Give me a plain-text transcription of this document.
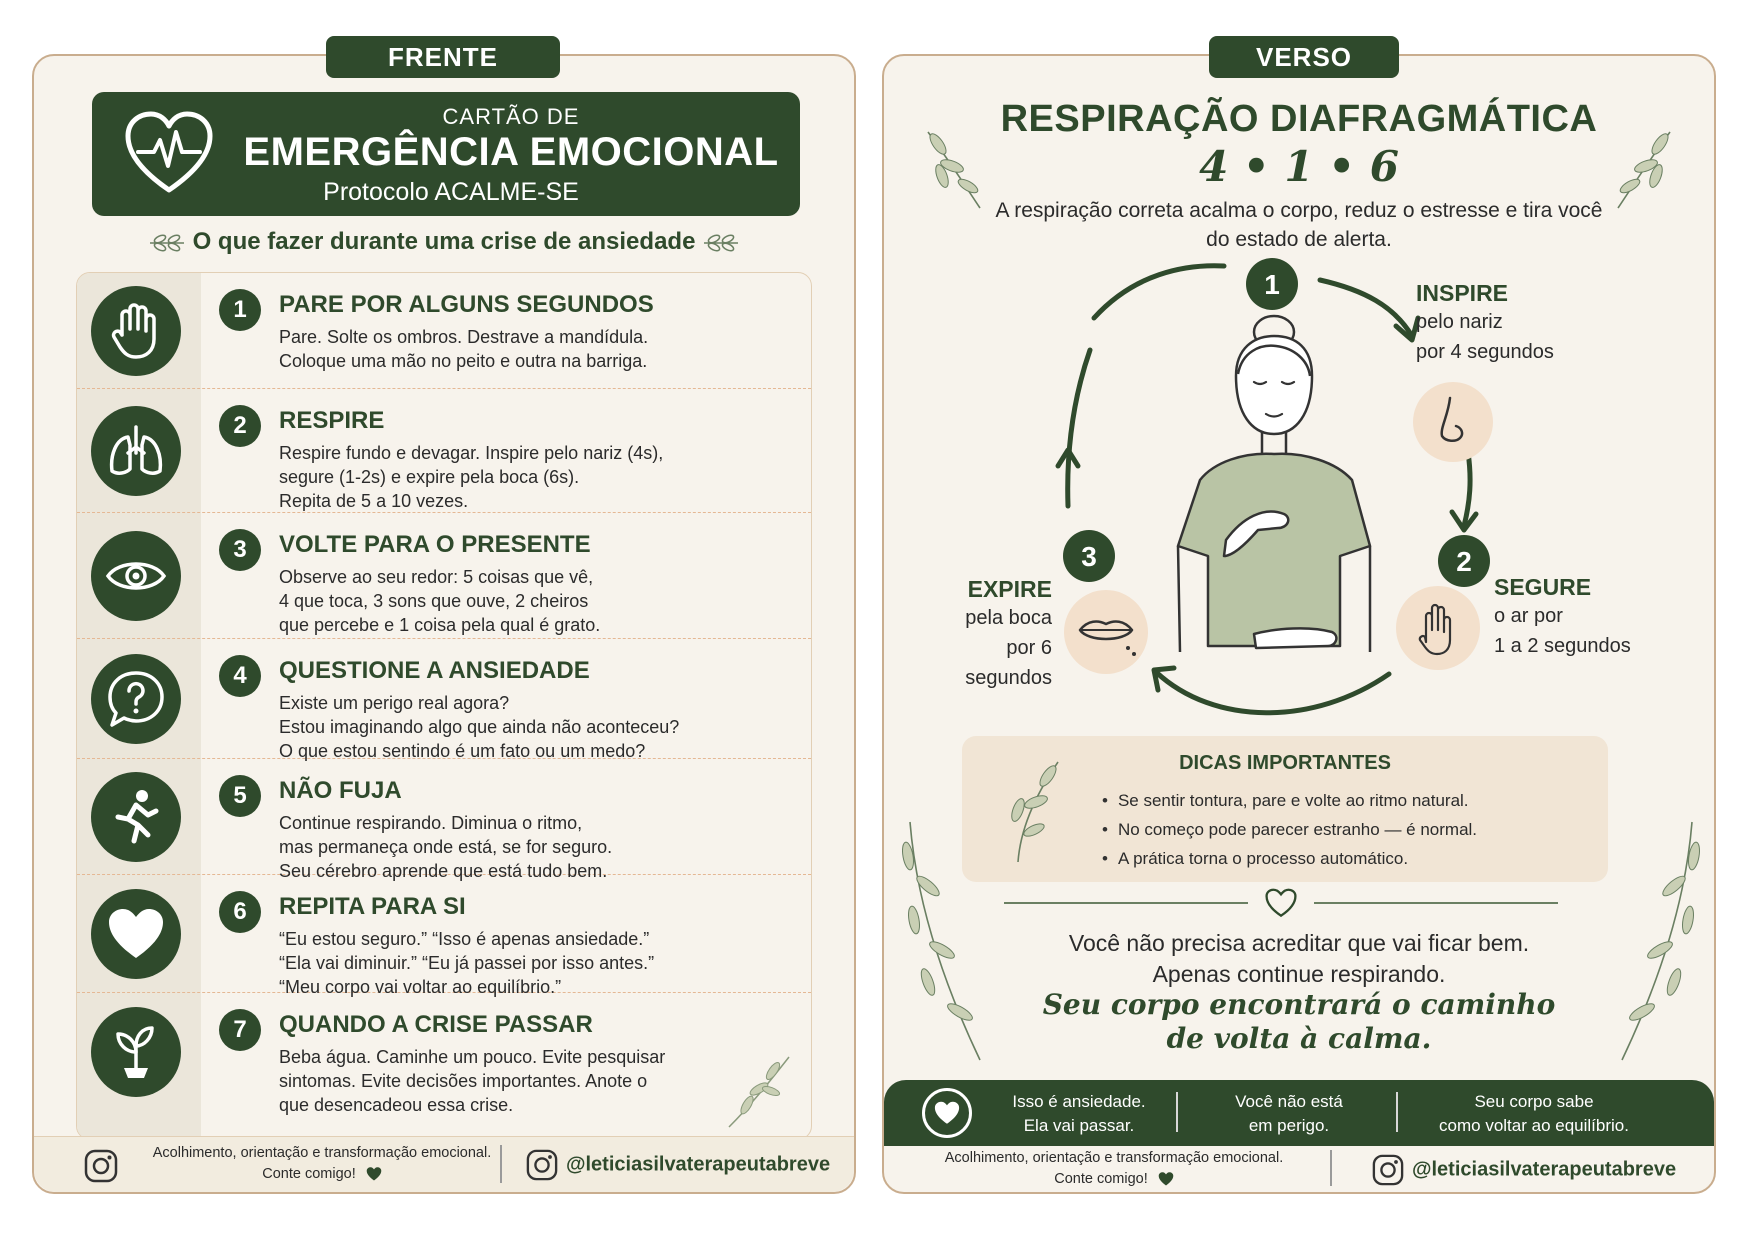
FRENTE
CARTÃO DE
EMERGÊNCIA EMOCIONAL
Protocolo ACALME-SE
O que fazer durante uma crise de ansiedade
1	PARE POR ALGUNS SEGUNDOS
Pare. Solte os ombros. Destrave a mandídula.
Coloque uma mão no peito e outra na barriga.
2	RESPIRE
Respire fundo e devagar. Inspire pelo nariz (4s),
segure (1-2s) e expire pela boca (6s).
Repita de 5 a 10 vezes.
3	VOLTE PARA O PRESENTE
Observe ao seu redor: 5 coisas que vê,
4 que toca, 3 sons que ouve, 2 cheiros
que percebe e 1 coisa pela qual é grato.
4	QUESTIONE A ANSIEDADE
Existe um perigo real agora?
Estou imaginando algo que ainda não aconteceu?
O que estou sentindo é um fato ou um medo?
5	NÃO FUJA
Continue respirando. Diminua o ritmo,
mas permaneça onde está, se for seguro.
Seu cérebro aprende que está tudo bem.
6	REPITA PARA SI
“Eu estou seguro.” “Isso é apenas ansiedade.”
“Ela vai diminuir.” “Eu já passei por isso antes.”
“Meu corpo vai voltar ao equilíbrio.”
7	QUANDO A CRISE PASSAR
Beba água. Caminhe um pouco. Evite pesquisar
sintomas. Evite decisões importantes. Anote o
que desencadeou essa crise.
Acolhimento, orientação e transformação emocional.
Conte comigo!	@leticiasilvaterapeutabreve
VERSO
RESPIRAÇÃO DIAFRAGMÁTICA
4 • 1 • 6
A respiração correta acalma o corpo, reduz o estresse e tira você do estado de alerta.
1
2
3
INSPIRE
pelo nariz
por 4 segundos
SEGURE
o ar por
1 a 2 segundos
EXPIRE
pela boca
por 6 segundos
DICAS IMPORTANTES
• Se sentir tontura, pare e volte ao ritmo natural.
• No começo pode parecer estranho — é normal.
• A prática torna o processo automático.
Você não precisa acreditar que vai ficar bem.
Apenas continue respirando.
Seu corpo encontrará o caminho
de volta à calma.
Isso é ansiedade.
Ela vai passar.
Você não está
em perigo.
Seu corpo sabe
como voltar ao equilíbrio.
Acolhimento, orientação e transformação emocional.
Conte comigo!	@leticiasilvaterapeutabreve
